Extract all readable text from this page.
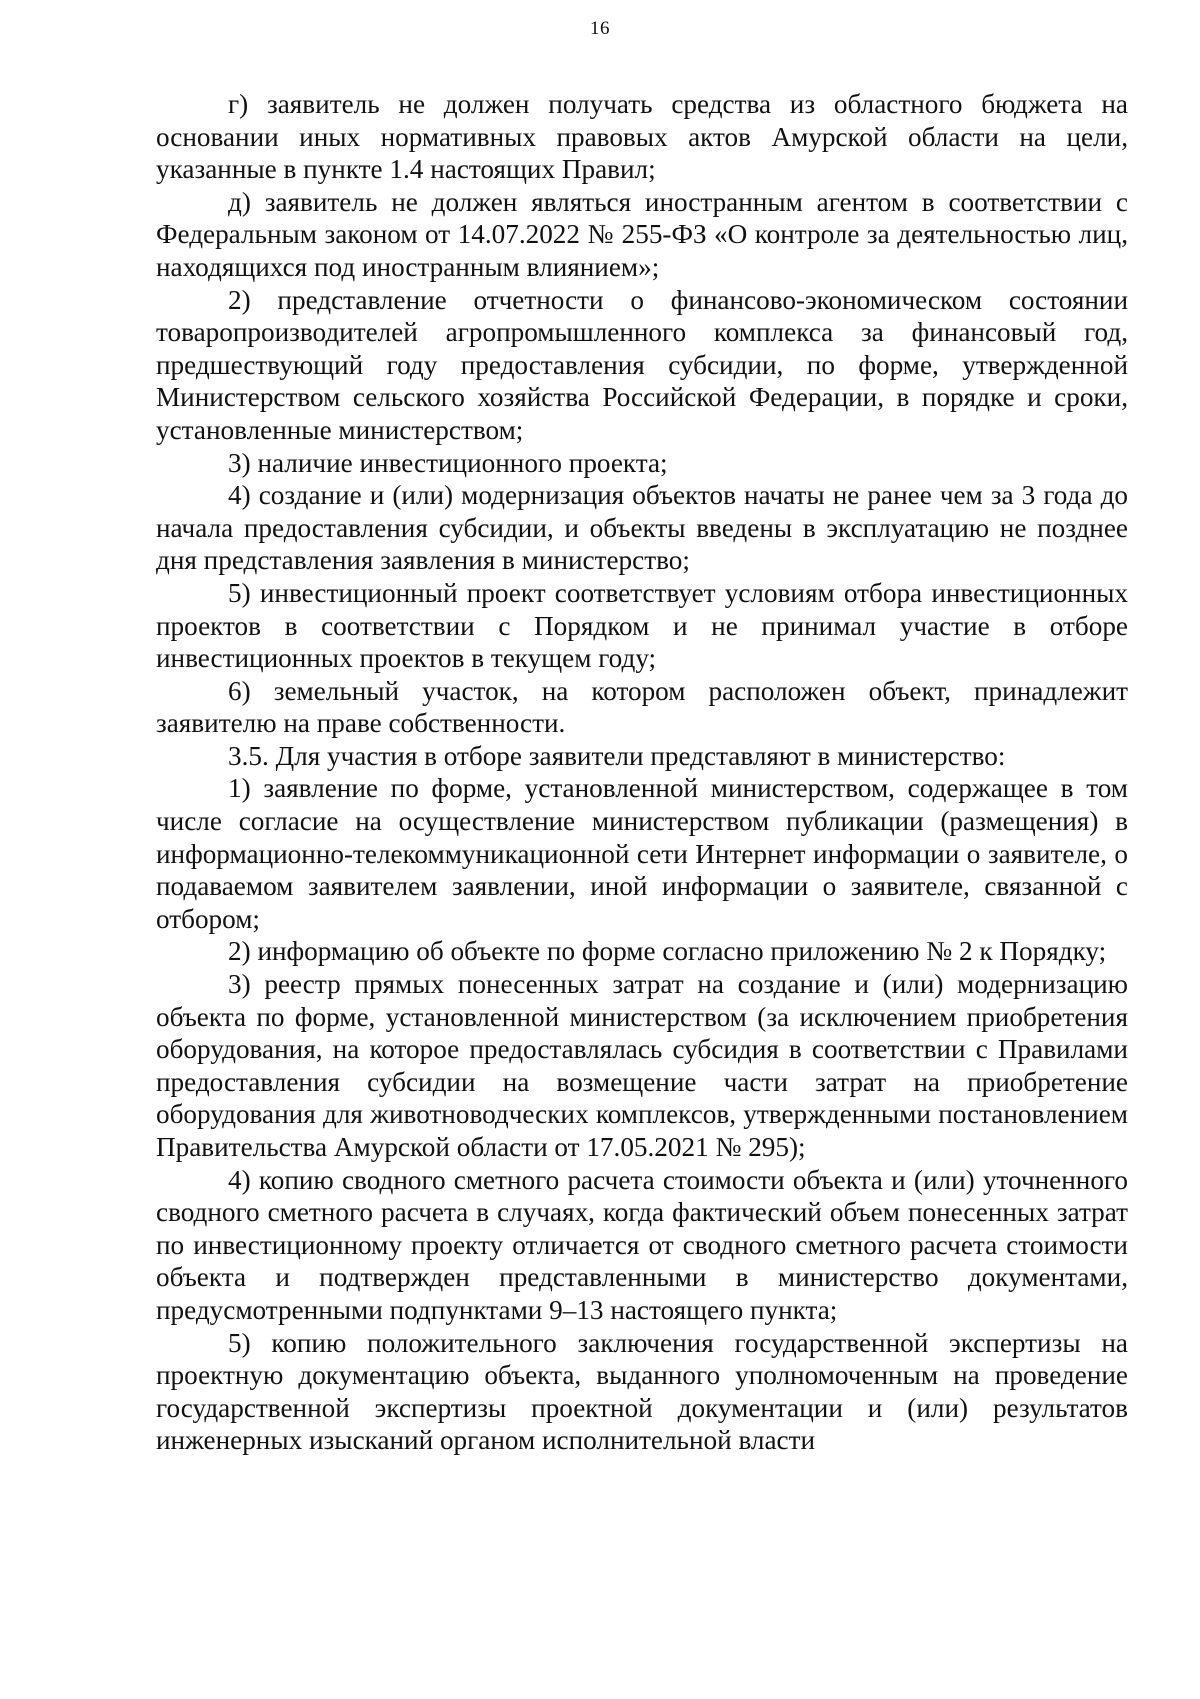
16

г) заявитель не должен получать средства из областного бюджета на основании иных нормативных правовых актов Амурской области на цели, указанные в пункте 1.4 настоящих Правил;

д) заявитель не должен являться иностранным агентом в соответствии с Федеральным законом от 14.07.2022 № 255-ФЗ «О контроле за деятельностью лиц, находящихся под иностранным влиянием»;

2) представление отчетности о финансово-экономическом состоянии товаропроизводителей агропромышленного комплекса за финансовый год, предшествующий году предоставления субсидии, по форме, утвержденной Министерством сельского хозяйства Российской Федерации, в порядке и сроки, установленные министерством;

3) наличие инвестиционного проекта;

4) создание и (или) модернизация объектов начаты не ранее чем за 3 года до начала предоставления субсидии, и объекты введены в эксплуатацию не позднее дня представления заявления в министерство;

5) инвестиционный проект соответствует условиям отбора инвестиционных проектов в соответствии с Порядком и не принимал участие в отборе инвестиционных проектов в текущем году;

6) земельный участок, на котором расположен объект, принадлежит заявителю на праве собственности.

3.5. Для участия в отборе заявители представляют в министерство:

1) заявление по форме, установленной министерством, содержащее в том числе согласие на осуществление министерством публикации (размещения) в информационно-телекоммуникационной сети Интернет информации о заявителе, о подаваемом заявителем заявлении, иной информации о заявителе, связанной с отбором;

2) информацию об объекте по форме согласно приложению № 2 к Порядку;

3) реестр прямых понесенных затрат на создание и (или) модернизацию объекта по форме, установленной министерством (за исключением приобретения оборудования, на которое предоставлялась субсидия в соответствии с Правилами предоставления субсидии на возмещение части затрат на приобретение оборудования для животноводческих комплексов, утвержденными постановлением Правительства Амурской области от 17.05.2021 № 295);

4) копию сводного сметного расчета стоимости объекта и (или) уточненного сводного сметного расчета в случаях, когда фактический объем понесенных затрат по инвестиционному проекту отличается от сводного сметного расчета стоимости объекта и подтвержден представленными в министерство документами, предусмотренными подпунктами 9–13 настоящего пункта;

5) копию положительного заключения государственной экспертизы на проектную документацию объекта, выданного уполномоченным на проведение государственной экспертизы проектной документации и (или) результатов инженерных изысканий органом исполнительной власти
